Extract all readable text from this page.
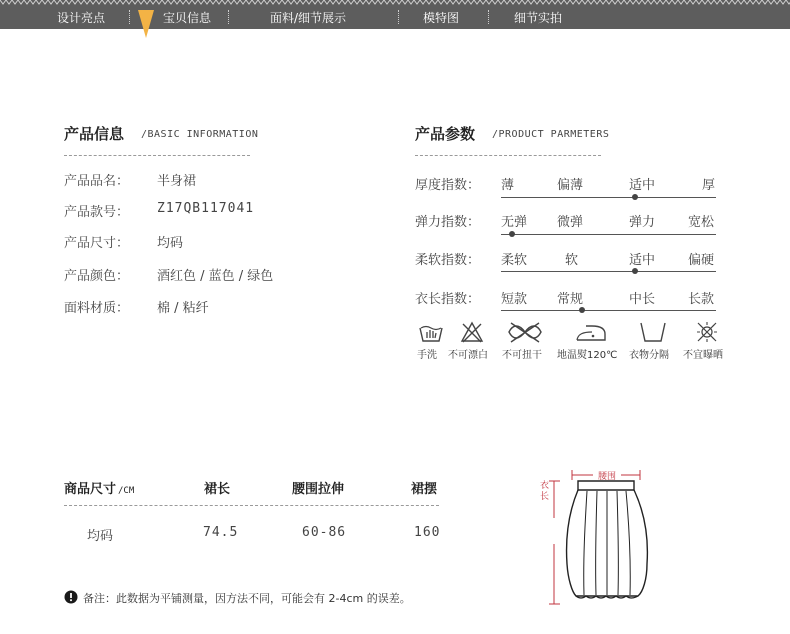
设计亮点	宝贝信息	面料/细节展示	模特图	细节实拍
产品信息 /BASIC INFORMATION
产品品名： 半身裙
产品款号： Z17QB117041
产品尺寸： 均码
产品颜色： 酒红色 / 蓝色 / 绿色
面料材质： 棉 / 粘纤
产品参数 /PRODUCT PARMETERS
厚度指数： 薄	偏薄	适中	厚
弹力指数： 无弹 微弹	弹力	宽松
柔软指数： 柔软	软	适中	偏硬
衣长指数： 短款 常规	中长	长款
手洗 不可漂白 不可扭干 地温熨120℃ 衣物分隔 不宜曝晒
商品尺寸 /CM	裙长	腰围拉伸	裙摆
均码	74.5	60-86	160
备注：此数据为平铺测量，因方法不同，可能会有 2-4cm 的误差。
腰围
衣长
